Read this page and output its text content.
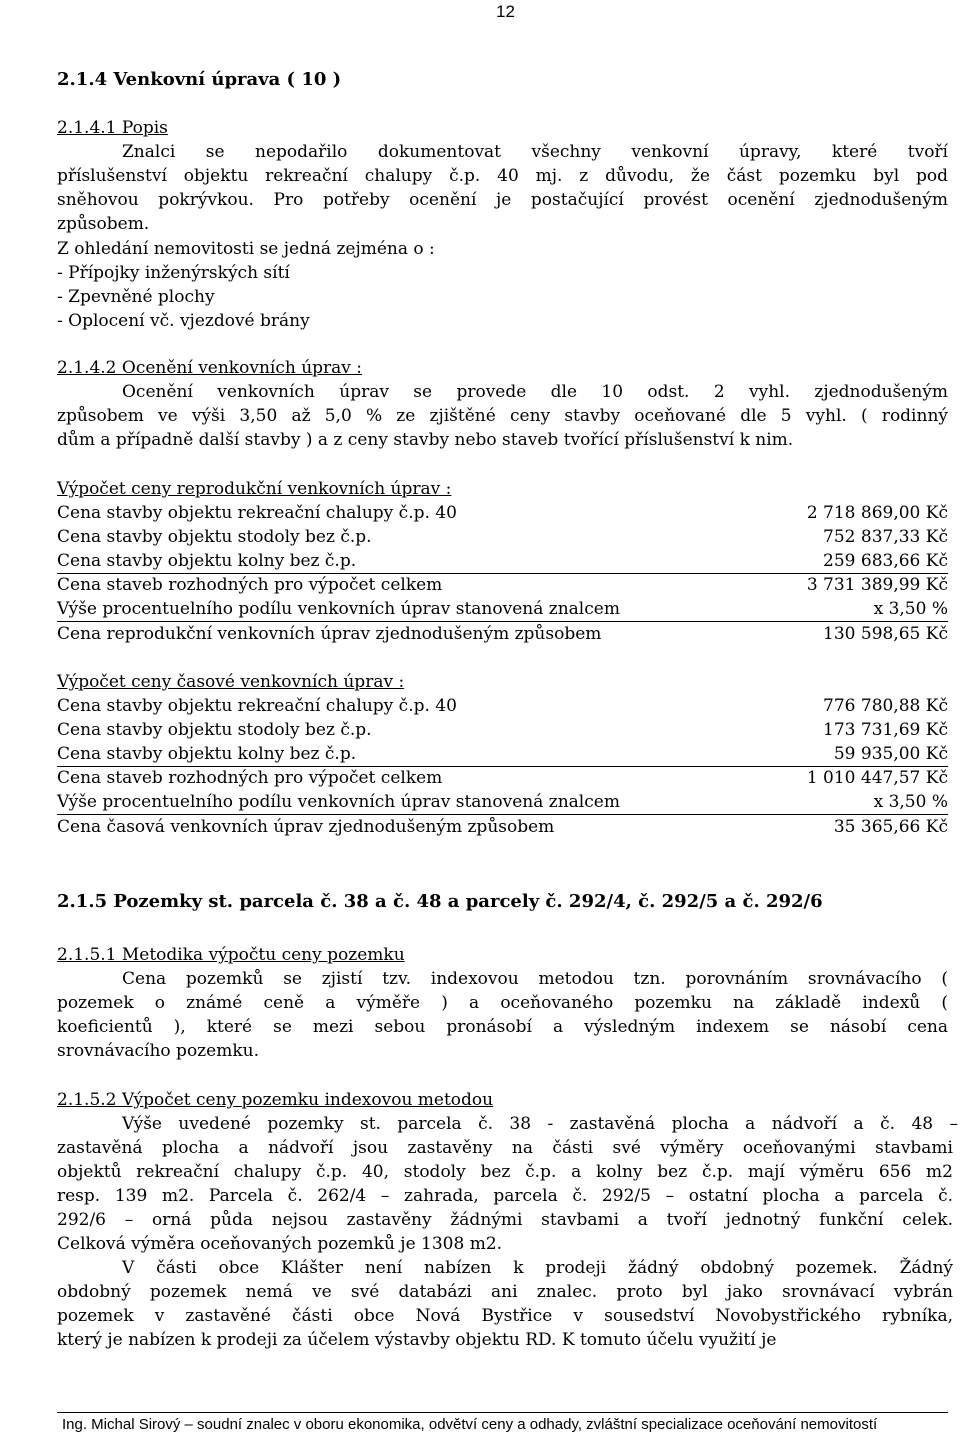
12
2.1.4 Venkovní úprava ( 10 )
2.1.4.1 Popis
Znalci se nepodařilo dokumentovat všechny venkovní úpravy, které tvoří
příslušenství objektu rekreační chalupy č.p. 40 mj. z důvodu, že část pozemku byl pod
sněhovou pokrývkou. Pro potřeby ocenění je postačující provést ocenění zjednodušeným
způsobem.
Z ohledání nemovitosti se jedná zejména o :
- Přípojky inženýrských sítí
- Zpevněné plochy
- Oplocení vč. vjezdové brány
2.1.4.2 Ocenění venkovních úprav :
Ocenění venkovních úprav se provede dle 10 odst. 2 vyhl. zjednodušeným
způsobem ve výši 3,50 až 5,0 % ze zjištěné ceny stavby oceňované dle 5 vyhl. ( rodinný
dům a případně další stavby ) a z ceny stavby nebo staveb tvořící příslušenství k nim.
Výpočet ceny reprodukční venkovních úprav :
Cena stavby objektu rekreační chalupy č.p. 40	2 718 869,00 Kč
Cena stavby objektu stodoly bez č.p.	752 837,33 Kč
Cena stavby objektu kolny bez č.p.	259 683,66 Kč
Cena staveb rozhodných pro výpočet celkem	3 731 389,99 Kč
Výše procentuelního podílu venkovních úprav stanovená znalcem	x 3,50 %
Cena reprodukční venkovních úprav zjednodušeným způsobem	130 598,65 Kč
Výpočet ceny časové venkovních úprav :
Cena stavby objektu rekreační chalupy č.p. 40	776 780,88 Kč
Cena stavby objektu stodoly bez č.p.	173 731,69 Kč
Cena stavby objektu kolny bez č.p.	59 935,00 Kč
Cena staveb rozhodných pro výpočet celkem	1 010 447,57 Kč
Výše procentuelního podílu venkovních úprav stanovená znalcem	x 3,50 %
Cena časová venkovních úprav zjednodušeným způsobem	35 365,66 Kč
2.1.5 Pozemky st. parcela č. 38 a č. 48 a parcely č. 292/4, č. 292/5 a č. 292/6
2.1.5.1 Metodika výpočtu ceny pozemku
Cena pozemků se zjistí tzv. indexovou metodou tzn. porovnáním srovnávacího (
pozemek o známé ceně a výměře ) a oceňovaného pozemku na základě indexů (
koeficientů ), které se mezi sebou pronásobí a výsledným indexem se násobí cena
srovnávacího pozemku.
2.1.5.2 Výpočet ceny pozemku indexovou metodou
Výše uvedené pozemky st. parcela č. 38 - zastavěná plocha a nádvoří a č. 48 –
zastavěná plocha a nádvoří jsou zastavěny na části své výměry oceňovanými stavbami
objektů rekreační chalupy č.p. 40, stodoly bez č.p. a kolny bez č.p. mají výměru 656 m2
resp. 139 m2. Parcela č. 262/4 – zahrada, parcela č. 292/5 – ostatní plocha a parcela č.
292/6 – orná půda nejsou zastavěny žádnými stavbami a tvoří jednotný funkční celek.
Celková výměra oceňovaných pozemků je 1308 m2.
V části obce Klášter není nabízen k prodeji žádný obdobný pozemek. Žádný
obdobný pozemek nemá ve své databázi ani znalec. proto byl jako srovnávací vybrán
pozemek v zastavěné části obce Nová Bystřice v sousedství Novobystřického rybníka,
který je nabízen k prodeji za účelem výstavby objektu RD. K tomuto účelu využití je
Ing. Michal Sirový – soudní znalec v oboru ekonomika, odvětví ceny a odhady, zvláštní specializace oceňování nemovitostí
